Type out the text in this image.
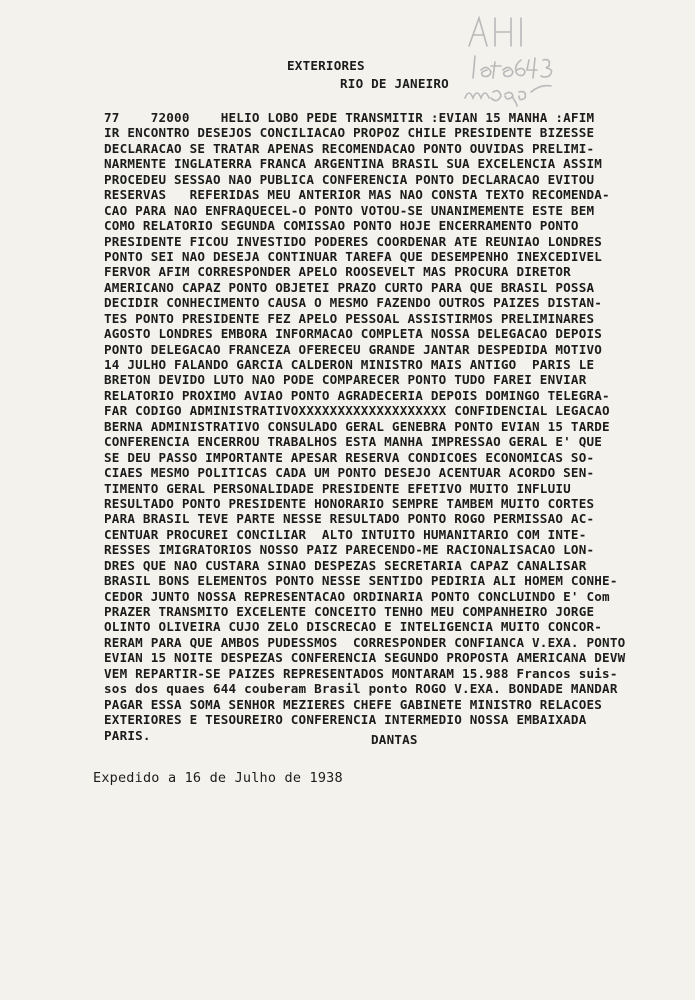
EXTERIORES
RIO DE JANEIRO
77    72000    HELIO LOBO PEDE TRANSMITIR :EVIAN 15 MANHA :AFIM
IR ENCONTRO DESEJOS CONCILIACAO PROPOZ CHILE PRESIDENTE BIZESSE
DECLARACAO SE TRATAR APENAS RECOMENDACAO PONTO OUVIDAS PRELIMI-
NARMENTE INGLATERRA FRANCA ARGENTINA BRASIL SUA EXCELENCIA ASSIM
PROCEDEU SESSAO NAO PUBLICA CONFERENCIA PONTO DECLARACAO EVITOU
RESERVAS   REFERIDAS MEU ANTERIOR MAS NAO CONSTA TEXTO RECOMENDA-
CAO PARA NAO ENFRAQUECEL-O PONTO VOTOU-SE UNANIMEMENTE ESTE BEM
COMO RELATORIO SEGUNDA COMISSAO PONTO HOJE ENCERRAMENTO PONTO
PRESIDENTE FICOU INVESTIDO PODERES COORDENAR ATE REUNIAO LONDRES
PONTO SEI NAO DESEJA CONTINUAR TAREFA QUE DESEMPENHO INEXCEDIVEL
FERVOR AFIM CORRESPONDER APELO ROOSEVELT MAS PROCURA DIRETOR
AMERICANO CAPAZ PONTO OBJETEI PRAZO CURTO PARA QUE BRASIL POSSA
DECIDIR CONHECIMENTO CAUSA O MESMO FAZENDO OUTROS PAIZES DISTAN-
TES PONTO PRESIDENTE FEZ APELO PESSOAL ASSISTIRMOS PRELIMINARES
AGOSTO LONDRES EMBORA INFORMACAO COMPLETA NOSSA DELEGACAO DEPOIS
PONTO DELEGACAO FRANCEZA OFERECEU GRANDE JANTAR DESPEDIDA MOTIVO
14 JULHO FALANDO GARCIA CALDERON MINISTRO MAIS ANTIGO  PARIS LE
BRETON DEVIDO LUTO NAO PODE COMPARECER PONTO TUDO FAREI ENVIAR
RELATORIO PROXIMO AVIAO PONTO AGRADECERIA DEPOIS DOMINGO TELEGRA-
FAR CODIGO ADMINISTRATIVOXXXXXXXXXXXXXXXXXXX CONFIDENCIAL LEGACAO
BERNA ADMINISTRATIVO CONSULADO GERAL GENEBRA PONTO EVIAN 15 TARDE
CONFERENCIA ENCERROU TRABALHOS ESTA MANHA IMPRESSAO GERAL E' QUE
SE DEU PASSO IMPORTANTE APESAR RESERVA CONDICOES ECONOMICAS SO-
CIAES MESMO POLITICAS CADA UM PONTO DESEJO ACENTUAR ACORDO SEN-
TIMENTO GERAL PERSONALIDADE PRESIDENTE EFETIVO MUITO INFLUIU
RESULTADO PONTO PRESIDENTE HONORARIO SEMPRE TAMBEM MUITO CORTES
PARA BRASIL TEVE PARTE NESSE RESULTADO PONTO ROGO PERMISSAO AC-
CENTUAR PROCUREI CONCILIAR  ALTO INTUITO HUMANITARIO COM INTE-
RESSES IMIGRATORIOS NOSSO PAIZ PARECENDO-ME RACIONALISACAO LON-
DRES QUE NAO CUSTARA SINAO DESPEZAS SECRETARIA CAPAZ CANALISAR
BRASIL BONS ELEMENTOS PONTO NESSE SENTIDO PEDIRIA ALI HOMEM CONHE-
CEDOR JUNTO NOSSA REPRESENTACAO ORDINARIA PONTO CONCLUINDO E' Com
PRAZER TRANSMITO EXCELENTE CONCEITO TENHO MEU COMPANHEIRO JORGE
OLINTO OLIVEIRA CUJO ZELO DISCRECAO E INTELIGENCIA MUITO CONCOR-
RERAM PARA QUE AMBOS PUDESSMOS  CORRESPONDER CONFIANCA V.EXA. PONTO
EVIAN 15 NOITE DESPEZAS CONFERENCIA SEGUNDO PROPOSTA AMERICANA DEVW
VEM REPARTIR-SE PAIZES REPRESENTADOS MONTARAM 15.988 Francos suis-
sos dos quaes 644 couberam Brasil ponto ROGO V.EXA. BONDADE MANDAR
PAGAR ESSA SOMA SENHOR MEZIERES CHEFE GABINETE MINISTRO RELACOES
EXTERIORES E TESOUREIRO CONFERENCIA INTERMEDIO NOSSA EMBAIXADA
PARIS.	DANTAS
Expedido a 16 de Julho de 1938
